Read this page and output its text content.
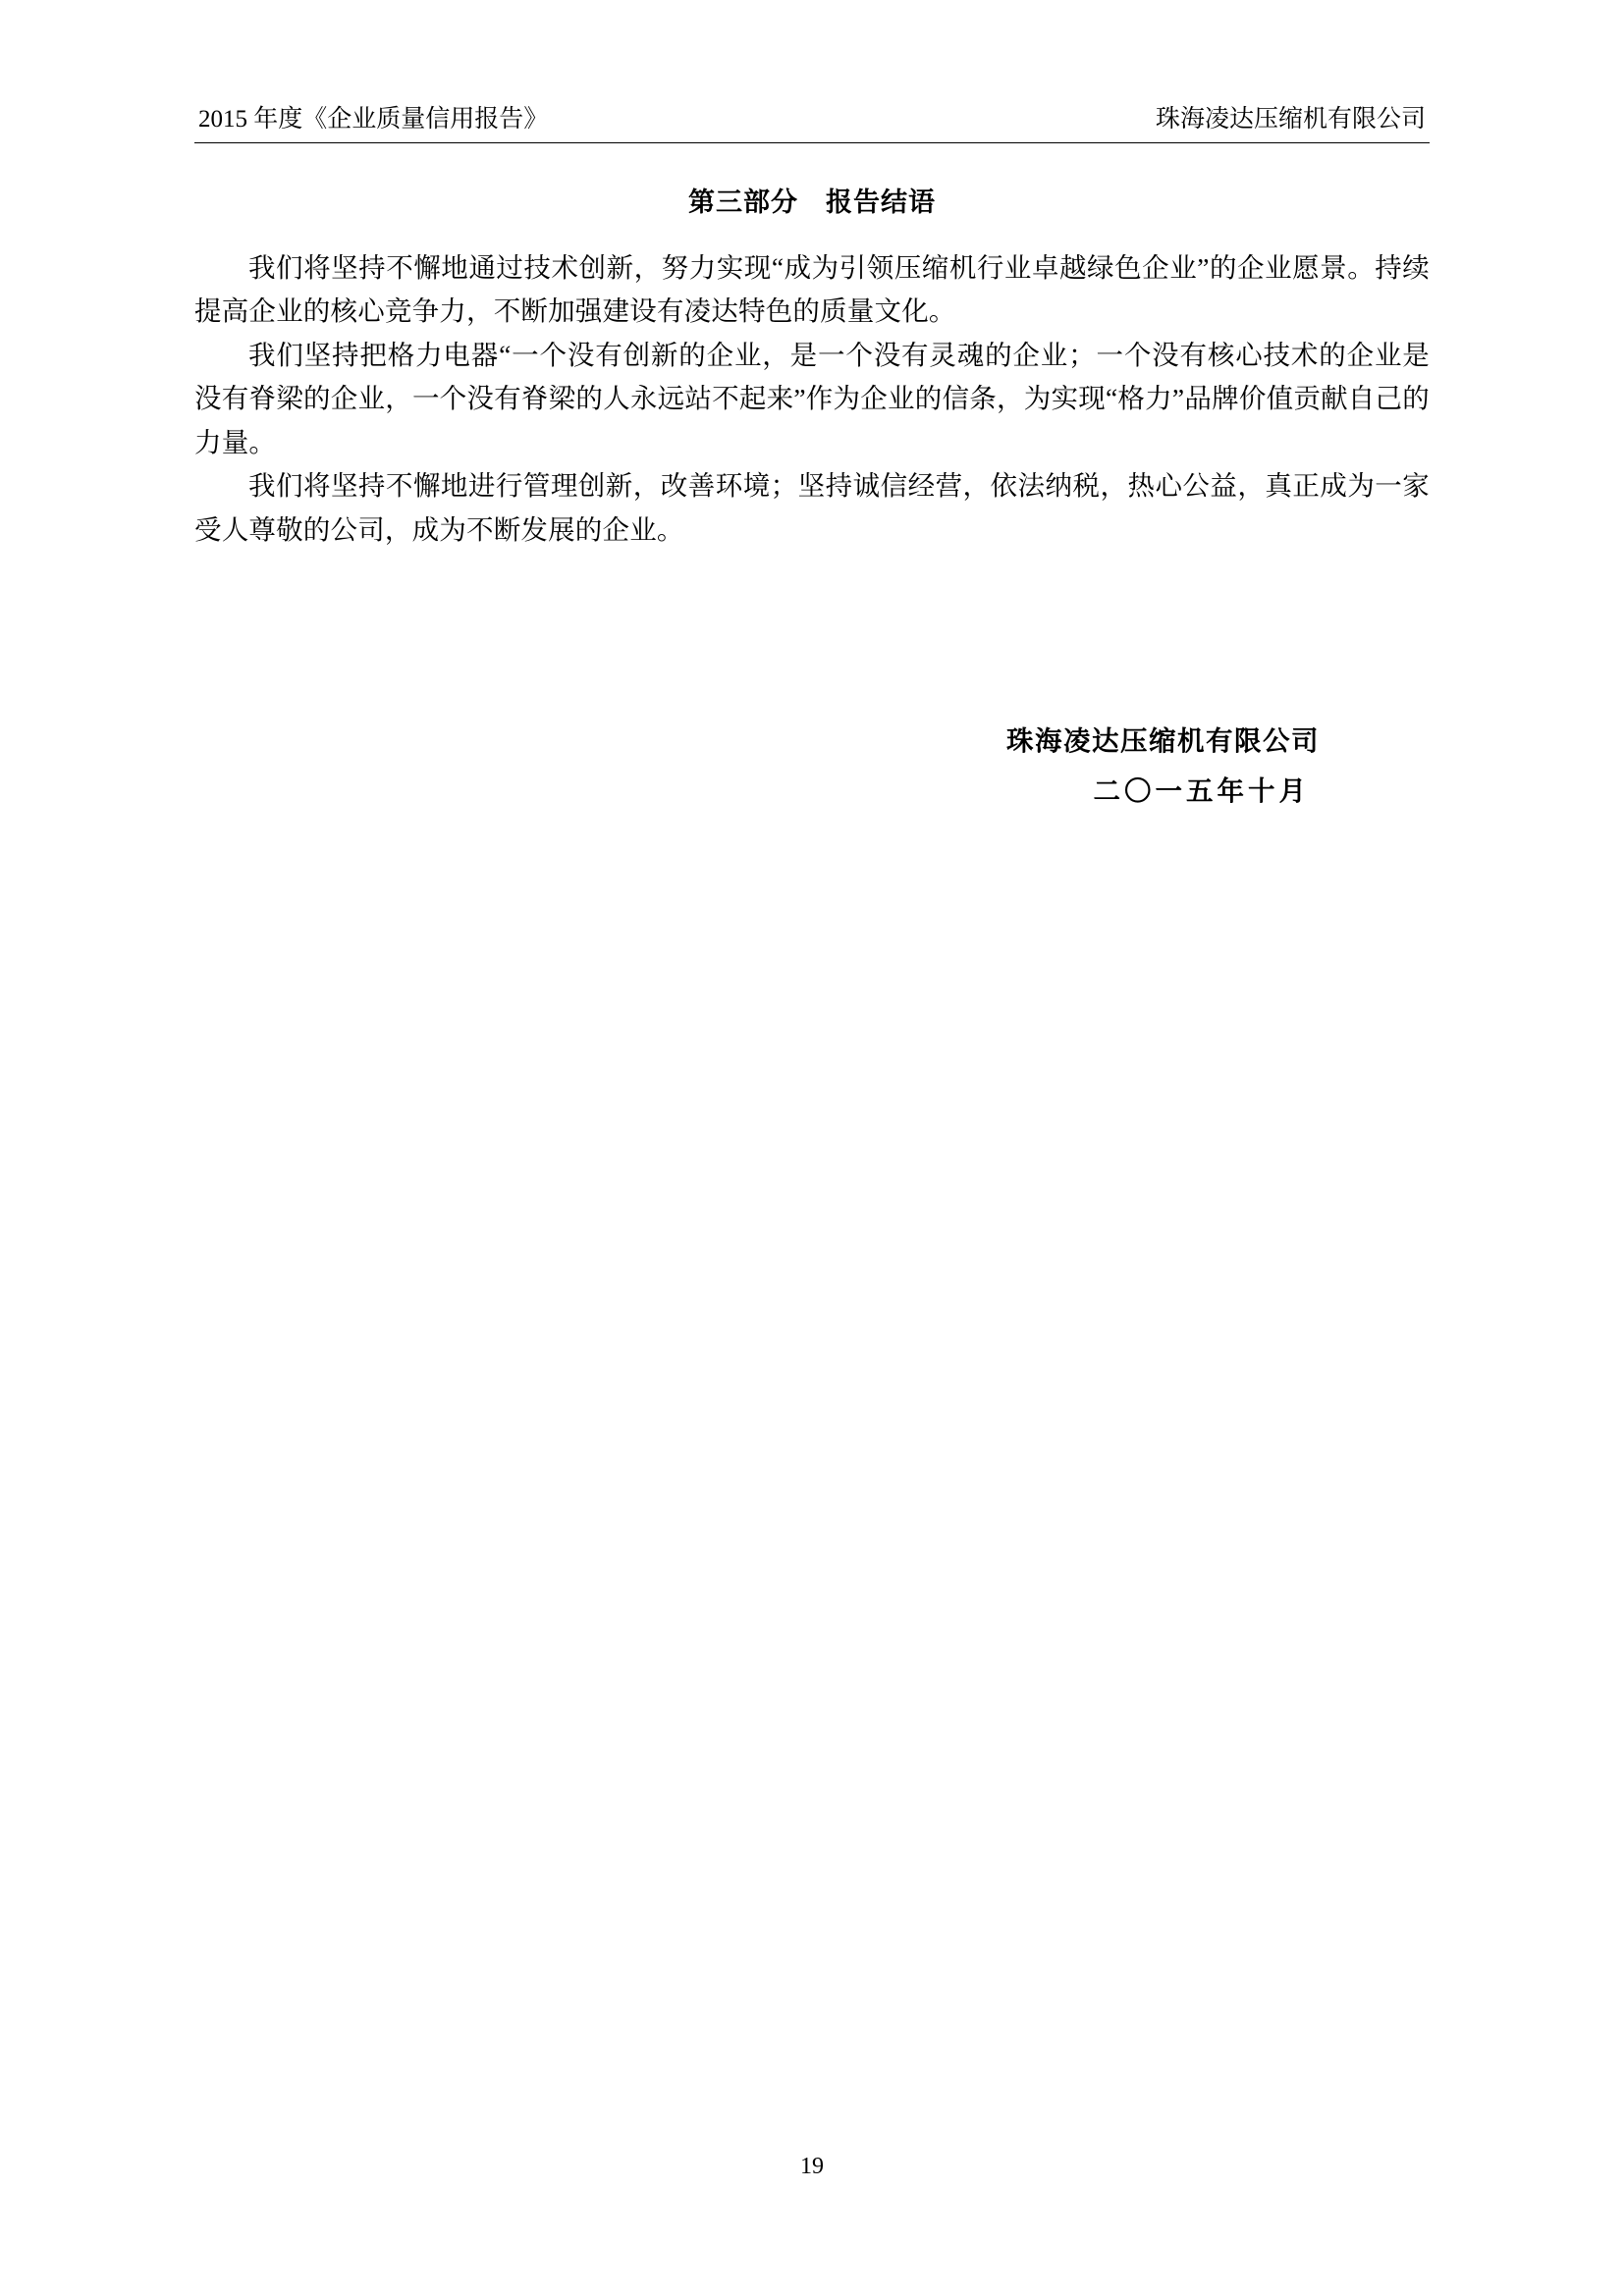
2015 年度《企业质量信用报告》	珠海凌达压缩机有限公司
第三部分 报告结语

我们将坚持不懈地通过技术创新，努力实现“成为引领压缩机行业卓越绿色企业”的企业愿景。持续提高企业的核心竞争力，不断加强建设有凌达特色的质量文化。

我们坚持把格力电器“一个没有创新的企业，是一个没有灵魂的企业；一个没有核心技术的企业是没有脊梁的企业，一个没有脊梁的人永远站不起来”作为企业的信条，为实现“格力”品牌价值贡献自己的力量。

我们将坚持不懈地进行管理创新，改善环境；坚持诚信经营，依法纳税，热心公益，真正成为一家受人尊敬的公司，成为不断发展的企业。

珠海凌达压缩机有限公司
二〇一五年十月
19
